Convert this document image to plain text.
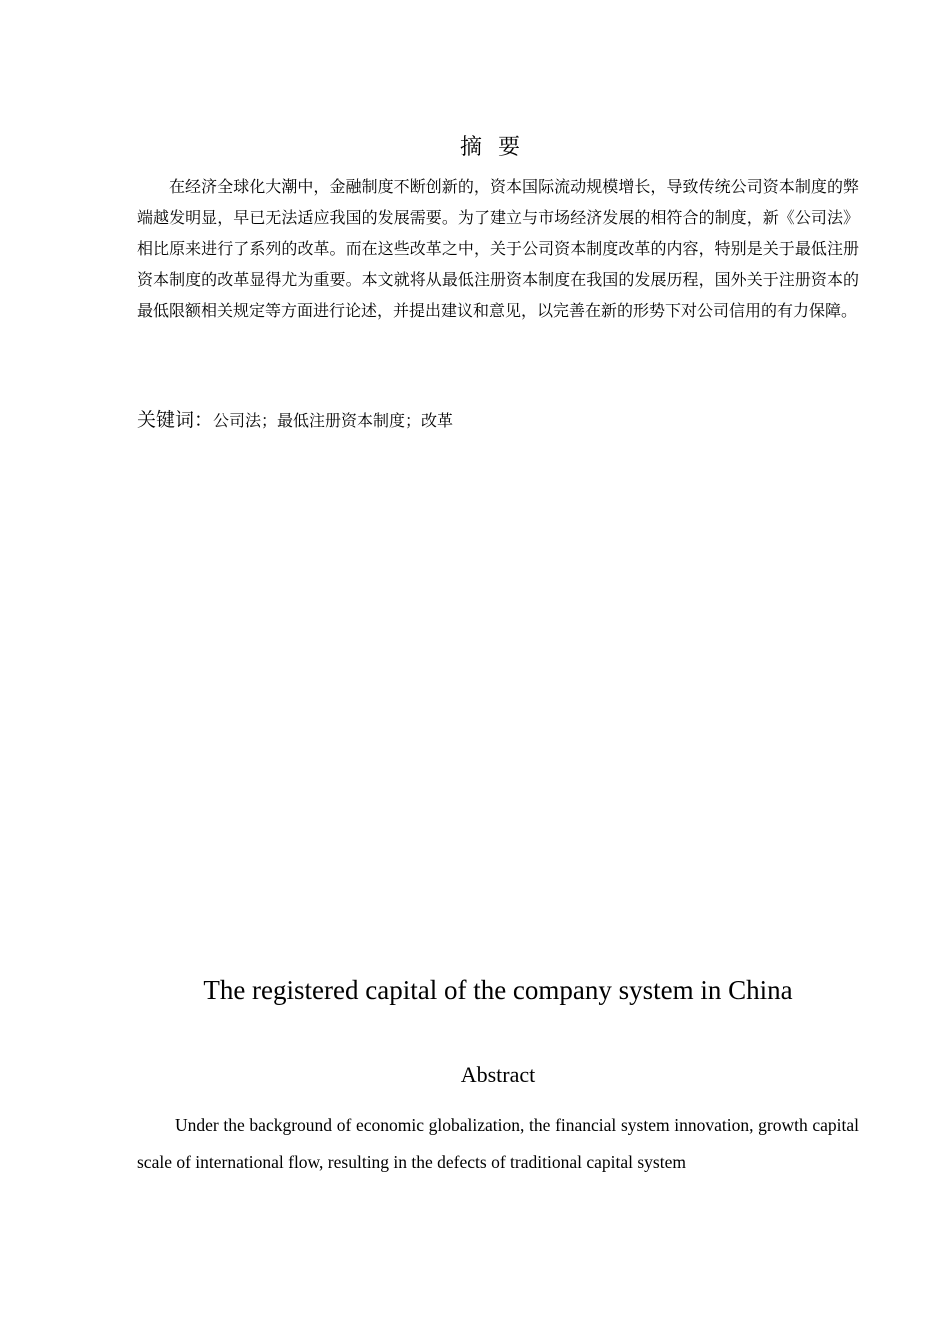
摘要

在经济全球化大潮中，金融制度不断创新的，资本国际流动规模增长，导致传统公司资本制度的弊端越发明显，早已无法适应我国的发展需要。为了建立与市场经济发展的相符合的制度，新《公司法》相比原来进行了系列的改革。而在这些改革之中，关于公司资本制度改革的内容，特别是关于最低注册资本制度的改革显得尤为重要。本文就将从最低注册资本制度在我国的发展历程，国外关于注册资本的最低限额相关规定等方面进行论述，并提出建议和意见，以完善在新的形势下对公司信用的有力保障。

关键词：公司法；最低注册资本制度；改革
The registered capital of the company system in China
Abstract

Under the background of economic globalization, the financial system innovation, growth capital scale of international flow, resulting in the defects of traditional capital system
